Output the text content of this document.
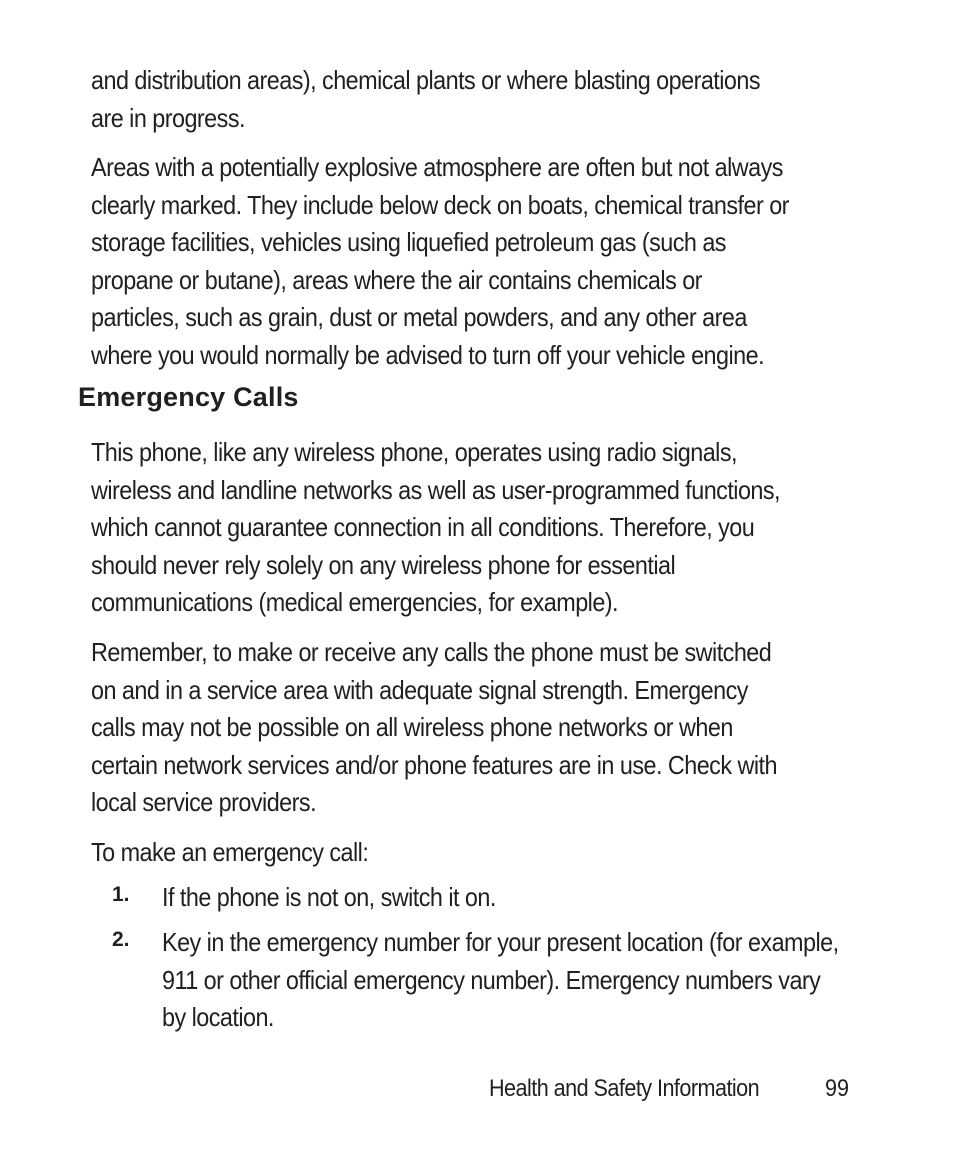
and distribution areas), chemical plants or where blasting operations are in progress.

Areas with a potentially explosive atmosphere are often but not always clearly marked. They include below deck on boats, chemical transfer or storage facilities, vehicles using liquefied petroleum gas (such as propane or butane), areas where the air contains chemicals or particles, such as grain, dust or metal powders, and any other area where you would normally be advised to turn off your vehicle engine.

Emergency Calls

This phone, like any wireless phone, operates using radio signals, wireless and landline networks as well as user-programmed functions, which cannot guarantee connection in all conditions. Therefore, you should never rely solely on any wireless phone for essential communications (medical emergencies, for example).

Remember, to make or receive any calls the phone must be switched on and in a service area with adequate signal strength. Emergency calls may not be possible on all wireless phone networks or when certain network services and/or phone features are in use. Check with local service providers.

To make an emergency call:

1. If the phone is not on, switch it on.

2. Key in the emergency number for your present location (for example, 911 or other official emergency number). Emergency numbers vary by location.

Health and Safety Information	99
